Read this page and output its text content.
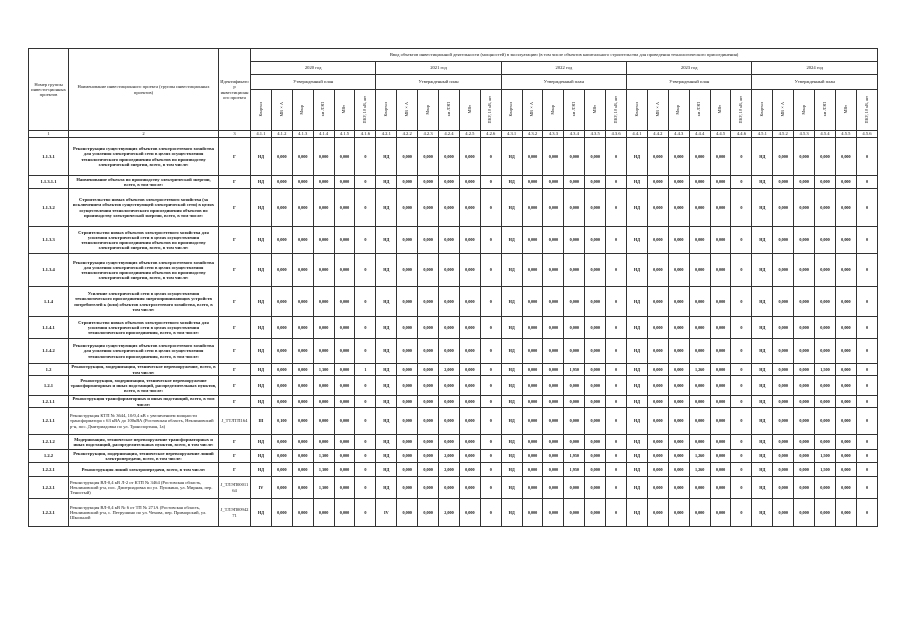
Номер группы инвести-ционных проектов	Наименование инвестиционного проекта (группы инвестиционных проектов)	Идентификатор инвестиционного проекта	Ввод объектов инвестиционной деятельности (мощностей) в эксплуатацию (в том числе объектов капитального строительства для проведения технологического присоединения)																													
			2020 год						2021 год						2022 год						2023 год						2024 год					
			Утвержденный план						Утвержденный план						Утвержденный план						Утвержденный план						Утвержденный план					
			Квартал	МВ×А	Мвар	км ЛЭП	МВт	ПКУ, 10 кВ, шт	Квартал	МВ×А	Мвар	км ЛЭП	МВт	ПКУ, 10 кВ, шт	Квартал	МВ×А	Мвар	км ЛЭП	МВт	ПКУ, 10 кВ, шт	Квартал	МВ×А	Мвар	км ЛЭП	МВт	ПКУ, 10 кВ, шт	Квартал	МВ×А	Мвар	км ЛЭП	МВт	ПКУ, 10 кВ, шт
1	2	3	4.1.1	4.1.2	4.1.3	4.1.4	4.1.5	4.1.6	4.2.1	4.2.2	4.2.3	4.2.4	4.2.5	4.2.6	4.3.1	4.3.2	4.3.3	4.3.4	4.3.5	4.3.6	4.4.1	4.4.2	4.4.3	4.4.4	4.4.5	4.4.6	4.5.1	4.5.2	4.5.3	4.5.4	4.5.5	4.5.6
1.1.3.1	Реконструкция существующих объектов электросетевого хозяйства для усиления электрической сети в целях осуществления технологического присоединения объектов по производству электрической энергии, всего, в том числе:	Г	НД	0,000	0,000	0,000	0,000	0	НД	0,000	0,000	0,000	0,000	0	НД	0,000	0,000	0,000	0,000	0	НД	0,000	0,000	0,000	0,000	0	НД	0,000	0,000	0,000	0,000	0
1.1.3.1.1	Наименование объекта по производству электрической энергии, всего, в том числе:	Г	НД	0,000	0,000	0,000	0,000	0	НД	0,000	0,000	0,000	0,000	0	НД	0,000	0,000	0,000	0,000	0	НД	0,000	0,000	0,000	0,000	0	НД	0,000	0,000	0,000	0,000	0
1.1.3.2	Строительство новых объектов электросетевого хозяйства (за исключением объектов существующей электрической сети) в целях осуществления технологического присоединения объектов по производству электрической энергии, всего, в том числе:	Г	НД	0,000	0,000	0,000	0,000	0	НД	0,000	0,000	0,000	0,000	0	НД	0,000	0,000	0,000	0,000	0	НД	0,000	0,000	0,000	0,000	0	НД	0,000	0,000	0,000	0,000	0
1.1.3.3	Строительство новых объектов электросетевого хозяйства для усиления электрической сети в целях осуществления технологического присоединения объектов по производству электрической энергии, всего, в том числе:	Г	НД	0,000	0,000	0,000	0,000	0	НД	0,000	0,000	0,000	0,000	0	НД	0,000	0,000	0,000	0,000	0	НД	0,000	0,000	0,000	0,000	0	НД	0,000	0,000	0,000	0,000	0
1.1.3.4	Реконструкция существующих объектов электросетевого хозяйства для усиления электрической сети в целях осуществления технологического присоединения объектов по производству электрической энергии, всего, в том числе:	Г	НД	0,000	0,000	0,000	0,000	0	НД	0,000	0,000	0,000	0,000	0	НД	0,000	0,000	0,000	0,000	0	НД	0,000	0,000	0,000	0,000	0	НД	0,000	0,000	0,000	0,000	0
1.1.4	Усиление электрической сети в целях осуществления технологического присоединения энергопринимающих устройств потребителей к (или) объектов электросетевого хозяйства, всего, в том числе:	Г	НД	0,000	0,000	0,000	0,000	0	НД	0,000	0,000	0,000	0,000	0	НД	0,000	0,000	0,000	0,000	0	НД	0,000	0,000	0,000	0,000	0	НД	0,000	0,000	0,000	0,000	0
1.1.4.1	Строительство новых объектов электросетевого хозяйства для усиления электрической сети в целях осуществления технологического присоединения, всего, в том числе:	Г	НД	0,000	0,000	0,000	0,000	0	НД	0,000	0,000	0,000	0,000	0	НД	0,000	0,000	0,000	0,000	0	НД	0,000	0,000	0,000	0,000	0	НД	0,000	0,000	0,000	0,000	0
1.1.4.2	Реконструкция существующих объектов электросетевого хозяйства для усиления электрической сети в целях осуществления технологического присоединения, всего, в том числе:	Г	НД	0,000	0,000	0,000	0,000	0	НД	0,000	0,000	0,000	0,000	0	НД	0,000	0,000	0,000	0,000	0	НД	0,000	0,000	0,000	0,000	0	НД	0,000	0,000	0,000	0,000	0
1.2	Реконструкция, модернизация, техническое перевооружение, всего, в том числе:	Г	НД	0,000	0,000	1,300	0,000	1	НД	0,000	0,000	2,000	0,000	0	НД	0,000	0,000	1,950	0,000	0	НД	0,000	0,000	1,260	0,000	0	НД	0,000	0,000	1,500	0,000	0
1.2.1	Реконструкция, модернизация, техническое перевооружение трансформаторных и иных подстанций, распределительных пунктов, всего, в том числе:	Г	НД	0,000	0,000	0,000	0,000	0	НД	0,000	0,000	0,000	0,000	0	НД	0,000	0,000	0,000	0,000	0	НД	0,000	0,000	0,000	0,000	0	НД	0,000	0,000	0,000	0,000	0
1.2.1.1	Реконструкция трансформаторных и иных подстанций, всего, в том числе:	Г	НД	0,000	0,000	0,000	0,000	0	НД	0,000	0,000	0,000	0,000	0	НД	0,000	0,000	0,000	0,000	0	НД	0,000	0,000	0,000	0,000	0	НД	0,000	0,000	0,000	0,000	0
1.2.1.1	Реконструкция КТП № 3644, 10/0,4 кВ с увеличением мощности трансформатора с 63 кВА до 100кВА (Ростовская область, Неклиновский р-н, пос. Дмитриадовка по ул. Транспортная, 1а)	J_TTЛТП164	III	0,100	0,000	0,000	0,000	0	НД	0,000	0,000	0,000	0,000	0	НД	0,000	0,000	0,000	0,000	0	НД	0,000	0,000	0,000	0,000	0	НД	0,000	0,000	0,000	0,000	0
1.2.1.2	Модернизация, техническое перевооружение трансформаторных и иных подстанций, распределительных пунктов, всего, в том числе:	Г	НД	0,000	0,000	0,000	0,000	0	НД	0,000	0,000	0,000	0,000	0	НД	0,000	0,000	0,000	0,000	0	НД	0,000	0,000	0,000	0,000	0	НД	0,000	0,000	0,000	0,000	0
1.2.2	Реконструкция, модернизация, техническое перевооружение линий электропередачи, всего, в том числе:	Г	НД	0,000	0,000	1,300	0,000	0	НД	0,000	0,000	2,000	0,000	0	НД	0,000	0,000	1,950	0,000	0	НД	0,000	0,000	1,260	0,000	0	НД	0,000	0,000	1,500	0,000	0
1.2.2.1	Реконструкция линий электропередачи, всего, в том числе:	Г	НД	0,000	0,000	1,300	0,000	0	НД	0,000	0,000	2,000	0,000	0	НД	0,000	0,000	1,950	0,000	0	НД	0,000	0,000	1,260	0,000	0	НД	0,000	0,000	1,500	0,000	0
1.2.2.1	Реконструкция ВЛ-0,4 кВ Л-2 от КТП № 3464 (Ростовская область, Неклиновский р-н, пос. Дмитриадовка по ул. Пушкина, ул. Мирная, пер. Тенистый)	J_TЛЭП0001164	IV	0,000	0,000	1,300	0,000	0	НД	0,000	0,000	0,000	0,000	0	НД	0,000	0,000	0,000	0,000	0	НД	0,000	0,000	0,000	0,000	0	НД	0,000	0,000	0,000	0,000	0
1.2.2.1	Реконструкция ВЛ-0,4 кВ № 6 от ТП № 271А (Ростовская область, Неклиновский р-н, с. Петрушино по ул. Чехова, пер. Приморский, ул. Школьной	J_TЛЭП0094271	НД	0,000	0,000	0,000	0,000	0	IV	0,000	0,000	2,000	0,000	0	НД	0,000	0,000	0,000	0,000	0	НД	0,000	0,000	0,000	0,000	0	НД	0,000	0,000	0,000	0,000	0
